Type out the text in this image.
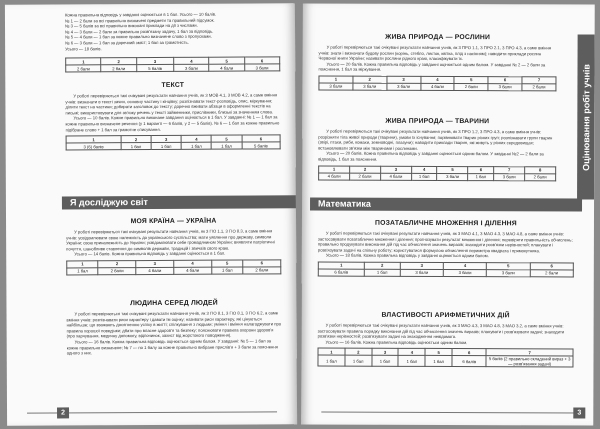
Кожна правильна відповідь у завданні оцінюється в 1 бал. Усього — 10 балів.

№ 1 — 2 бали за всі правильно визначені предмети та правильний підсумок.

№ 3 — 5 балів за всі правильно виконані приклади на дії з числами.

№ 4 — 3 бали — 2 бали за правильно розв'язану задачу, 1 бал за відповідь.

№ 5 — 4 бали — 1 бал за кожне правильно визначене слово з пропусками.

№ 6 — 3 бали — 1 бал за доречний зміст; 1 бал за грамотність.

Усього — 18 балів.

1	2	3	4	5	6
2 бали	2 бали	5 балів	3 бали	4 бали	3 бали
ТЕКСТ

У роботі перевіряються такі очікувані результати навчання учнів, як 3 МОВ 4.1, 3 МОВ 4.2, а саме вміння учнів: визначати в тексті зачин, основну частину і кінцівку; розпізнавати текст-розповідь, опис, міркування; ділити текст на частини; добирати заголовок до тексту; доречно вживати абзаци в оформленні текстів на письмі; використовувати для зв'язку речень у тексті займенники, прислівники, близькі за значенням слова.

Усього — 10 балів. Кожне правильно виконане завдання оцінюється в 1 бал. У завданні: № 1 — 1 бал за кожне правильно визначене речення (у 1 варіанті — 6 балів, у 2 — 5 балів). № 6 — 1 бал за кожне правильно підібране слово + 1 бал за грамотне списування.

1	2	3	4	5	6
3 (6) балів	1 бал	1 бал	1 бал	1 бал	5 балів
Я досліджую світ
МОЯ КРАЇНА — УКРАЇНА

У роботі перевіряються такі очікувані результати навчання учнів, як 3 ГІО 1.1, 3 ГІО 8.3, а саме вміння учнів: усвідомлювати свою належність до українського суспільства; мати уявлення про державу, символи України; свою приналежність до України; усвідомлювати себе громадянином України; виявляти патріотичні почуття, шанобливе ставлення до символів держави, традицій і звичаїв свого краю.

Усього — 14 балів. Кожна правильна відповідь у завданні оцінюється в 1 бал.

1	2	3	4	5	6
1 бал	2 бали	4 бали	4 бали	1 бал	2 бали
ЛЮДИНА СЕРЕД ЛЮДЕЙ

У роботі перевіряються такі очікувані результати навчання учнів, як 3 ГІО 8.1, 3 ГІО 8.1, 3 ГІО 6.2, а саме вміння учнів: розпізнавати риси характеру і давати їм оцінку; називати риси характеру, які цінуються найбільше; що зважають досягненню успіху в житті; спілкування з людьми; уміння і вміння налагоджувати про правила хорошої поведінки; дбати про власне здоров'я та безпеку; пояснювати правила охорони здоров'я (про харчування, медичну допомогу, відпочинок, захист від жорстокого поводження).

Усього — 16 балів. Кожна правильна відповідь оцінюється одним балом. У завданні: № 5 — 1 бал за кожне правильно визначене; № 7 — по 1 балу за кожне правильно вибране прислів'я + 3 бали за пояснення одного з них.

2
Оцінювання робіт учнів
ЖИВА ПРИРОДА — РОСЛИНИ

У роботі перевіряються такі очікувані результати навчання учнів, як 3 ПРО 1.1, 3 ПРО 2.1, 3 ПРО 4.3, а саме вміння учнів: знати і визначати будову рослин (корінь, стебло, листок, квітка, плід з насінням); наводити приклади рослин Червоної книги України; називати рослини рідного краю, класифікувати їх.

Усього — 20 балів. Кожна правильна відповідь у завданні оцінюється одним балом. У завданні № 2 — 2 бали за пояснення, 1 бал за міркування.

1	2	3	4	5	6	7
3 бали	3 бали	3 бали	4 бали	2 бали	3 бали	2 бали
ЖИВА ПРИРОДА — ТВАРИНИ

У роботі перевіряються такі очікувані результати навчання учнів, як 3 ПРО 1.2, 3 ПРО 4.3, а саме вміння учнів: розрізняти тіла живої природи (тварини), умови їх існування; порівнювати тварин різних груп; розпізнавати групи тварин (звірі, птахи, риби, комахи, земноводні, плазуни); наводити приклади тварин, які живуть у різних середовищах; встановлювати зв'язки між тваринами і рослинами.

Усього — 20 балів. Кожна правильна відповідь у завданні оцінюється одним балом. У завданні №2 — 2 бали за відповідь, 1 бал за пояснення.

1	2	3	4	5	6	7	8
4 бали	2 бали	4 бали	1 бал	3 бали	1 бал	3 бали	2 бали
Математика
ПОЗАТАБЛИЧНЕ МНОЖЕННЯ І ДІЛЕННЯ

У роботі перевіряються такі очікувані результати навчання учнів, як 3 МАО 4.1, 3 МАО 4.3, 3 МАО 4.8, а саме вміння учнів: застосовувати позатабличне множення і ділення; прогнозувати результат множення і ділення; перевіряти правильність обчислень; правильно продукувати виконання дій під час обчислення значень виразів; знаходити розв'язки нерівностей; планувати і розв'язувати задачі на спільну роботу; користуватися формулою обчислення периметра квадрата і прямокутника.

Усього — 18 балів. Кожна правильна відповідь у завданні оцінюється одним балом.

1	2	3	4	5	6
6 балів	1 бал	3 бали	3 бали	3 бали	2 бали
ВЛАСТИВОСТІ АРИФМЕТИЧНИХ ДІЙ

У роботі перевіряються такі очікувані результати навчання учнів, як 3 МАО 4.3, 3 МАО 4.8, 3 МАО 3.2, а саме вміння учнів: застосовувати правила порядку виконання дій під час обчислення значень виразів; планувати і розв'язувати задачі; знаходити розв'язки нерівностей; розв'язувати задачі на знаходження невідомого.

Усього — 16 балів. Кожна правильна відповідь оцінюється одним балом.

1	2	3	4	5	6	7
1 бал	1 бал	1 бал	1 бал	1 бал	6 балів	5 балів (2 правильно складений вираз + 3 — розв'язання задачі)
3
